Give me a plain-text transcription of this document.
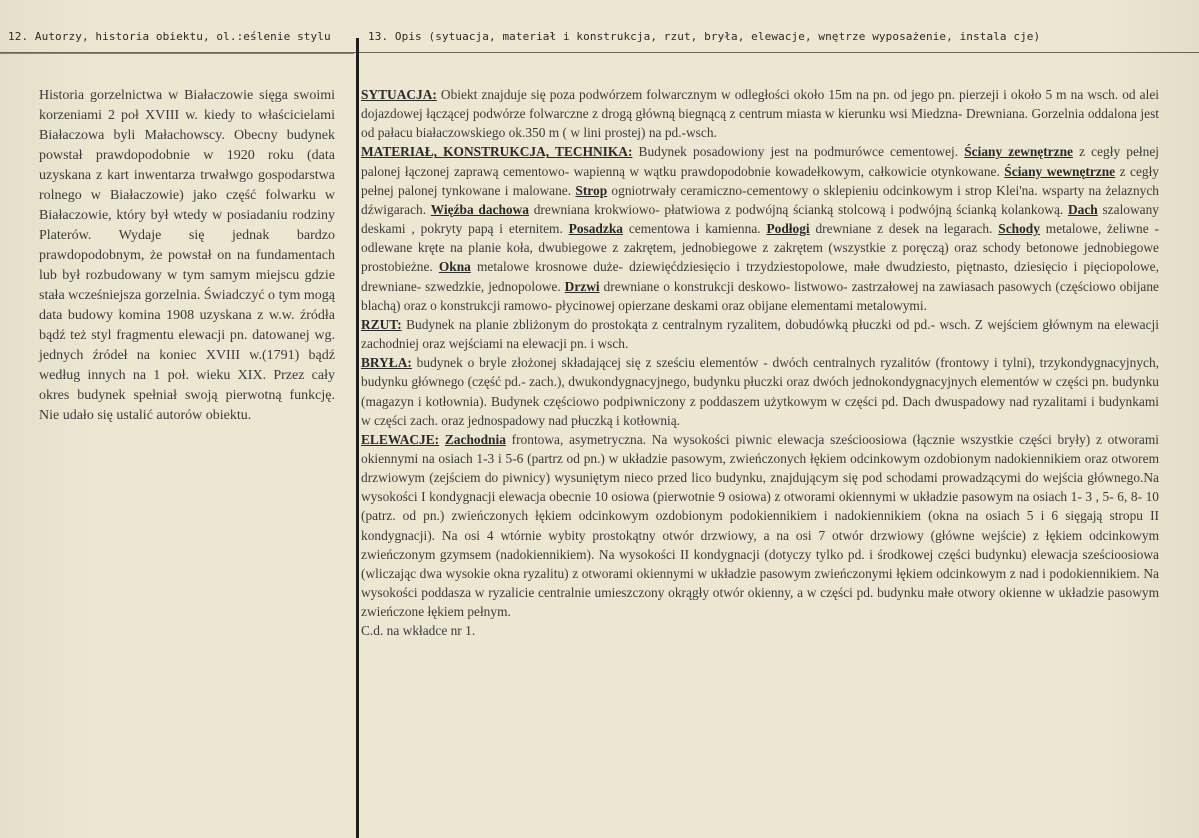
12. Autorzy, historia obiektu, ol.:eślenie stylu	13. Opis (sytuacja, materiał i konstrukcja, rzut, bryła, elewacje, wnętrze wyposażenie, instala cje)

Historia gorzelnictwa w Białaczowie sięga swoimi korzeniami 2 poł XVIII w. kiedy to właścicielami Białaczowa byli Małachowscy. Obecny budynek powstał prawdopodobnie w 1920 roku (data uzyskana z kart inwentarza trwałwgo gospodarstwa rolnego w Białaczowie) jako część folwarku w Białaczowie, który był wtedy w posiadaniu rodziny Platerów. Wydaje się jednak bardzo prawdopodobnym, że powstał on na fundamentach lub był rozbudowany w tym samym miejscu gdzie stała wcześniejsza gorzelnia. Świadczyć o tym mogą data budowy komina 1908 uzyskana z w.w. źródła bądź też styl fragmentu elewacji pn. datowanej wg. jednych źródeł na koniec XVIII w.(1791) bądź według innych na 1 poł. wieku XIX. Przez cały okres budynek spełniał swoją pierwotną funkcję. Nie udało się ustalić autorów obiektu.

SYTUACJA: Obiekt znajduje się poza podwórzem folwarcznym w odległości około 15m na pn. od jego pn. pierzeji i około 5 m na wsch. od alei dojazdowej łączącej podwórze folwarczne z drogą główną biegnącą z centrum miasta w kierunku wsi Miedzna- Drewniana. Gorzelnia oddalona jest od pałacu białaczowskiego ok.350 m ( w lini prostej) na pd.-wsch.

MATERIAŁ, KONSTRUKCJA, TECHNIKA: Budynek posadowiony jest na podmurówce cementowej. Ściany zewnętrzne z cegły pełnej palonej łączonej zaprawą cementowo- wapienną w wątku prawdopodobnie kowadełkowym, całkowicie otynkowane. Ściany wewnętrzne z cegły pełnej palonej tynkowane i malowane. Strop ogniotrwały ceramiczno-cementowy o sklepieniu odcinkowym i strop Klei'na. wsparty na żelaznych dźwigarach. Więźba dachowa drewniana krokwiowo- płatwiowa z podwójną ścianką stolcową i podwójną ścianką kolankową. Dach szalowany deskami , pokryty papą i eternitem. Posadzka cementowa i kamienna. Podłogi drewniane z desek na legarach. Schody metalowe, żeliwne - odlewane kręte na planie koła, dwubiegowe z zakrętem, jednobiegowe z zakrętem (wszystkie z poręczą) oraz schody betonowe jednobiegowe prostobieżne. Okna metalowe krosnowe duże- dziewięćdziesięcio i trzydziestopolowe, małe dwudziesto, piętnasto, dziesięcio i pięciopolowe, drewniane- szwedzkie, jednopolowe. Drzwi drewniane o konstrukcji deskowo- listwowo- zastrzałowej na zawiasach pasowych (częściowo obijane blachą) oraz o konstrukcji ramowo- płycinowej opierzane deskami oraz obijane elementami metalowymi.

RZUT: Budynek na planie zbliżonym do prostokąta z centralnym ryzalitem, dobudówką płuczki od pd.- wsch. Z wejściem głównym na elewacji zachodniej oraz wejściami na elewacji pn. i wsch.

BRYŁA: budynek o bryle złożonej składającej się z sześciu elementów - dwóch centralnych ryzalitów (frontowy i tylni), trzykondygnacyjnych, budynku głównego (część pd.- zach.), dwukondygnacyjnego, budynku płuczki oraz dwóch jednokondygnacyjnych elementów w części pn. budynku (magazyn i kotłownia). Budynek częściowo podpiwniczony z poddaszem użytkowym w części pd. Dach dwuspadowy nad ryzalitami i budynkami w części zach. oraz jednospadowy nad płuczką i kotłownią.

ELEWACJE: Zachodnia frontowa, asymetryczna. Na wysokości piwnic elewacja sześcioosiowa (łącznie wszystkie części bryły) z otworami okiennymi na osiach 1-3 i 5-6 (partrz od pn.) w układzie pasowym, zwieńczonych łękiem odcinkowym ozdobionym nadokiennikiem oraz otworem drzwiowym (zejściem do piwnicy) wysuniętym nieco przed lico budynku, znajdującym się pod schodami prowadzącymi do wejścia głównego.Na wysokości I kondygnacji elewacja obecnie 10 osiowa (pierwotnie 9 osiowa) z otworami okiennymi w układzie pasowym na osiach 1- 3 , 5- 6, 8- 10 (patrz. od pn.) zwieńczonych łękiem odcinkowym ozdobionym podokiennikiem i nadokiennikiem (okna na osiach 5 i 6 sięgają stropu II kondygnacji). Na osi 4 wtórnie wybity prostokątny otwór drzwiowy, a na osi 7 otwór drzwiowy (główne wejście) z łękiem odcinkowym zwieńczonym gzymsem (nadokiennikiem). Na wysokości II kondygnacji (dotyczy tylko pd. i środkowej części budynku) elewacja sześcioosiowa (wliczając dwa wysokie okna ryzalitu) z otworami okiennymi w układzie pasowym zwieńczonymi łękiem odcinkowym z nad i podokiennikiem. Na wysokości poddasza w ryzalicie centralnie umieszczony okrągły otwór okienny, a w części pd. budynku małe otwory okienne w układzie pasowym zwieńczone łękiem pełnym.

C.d. na wkładce nr 1.
